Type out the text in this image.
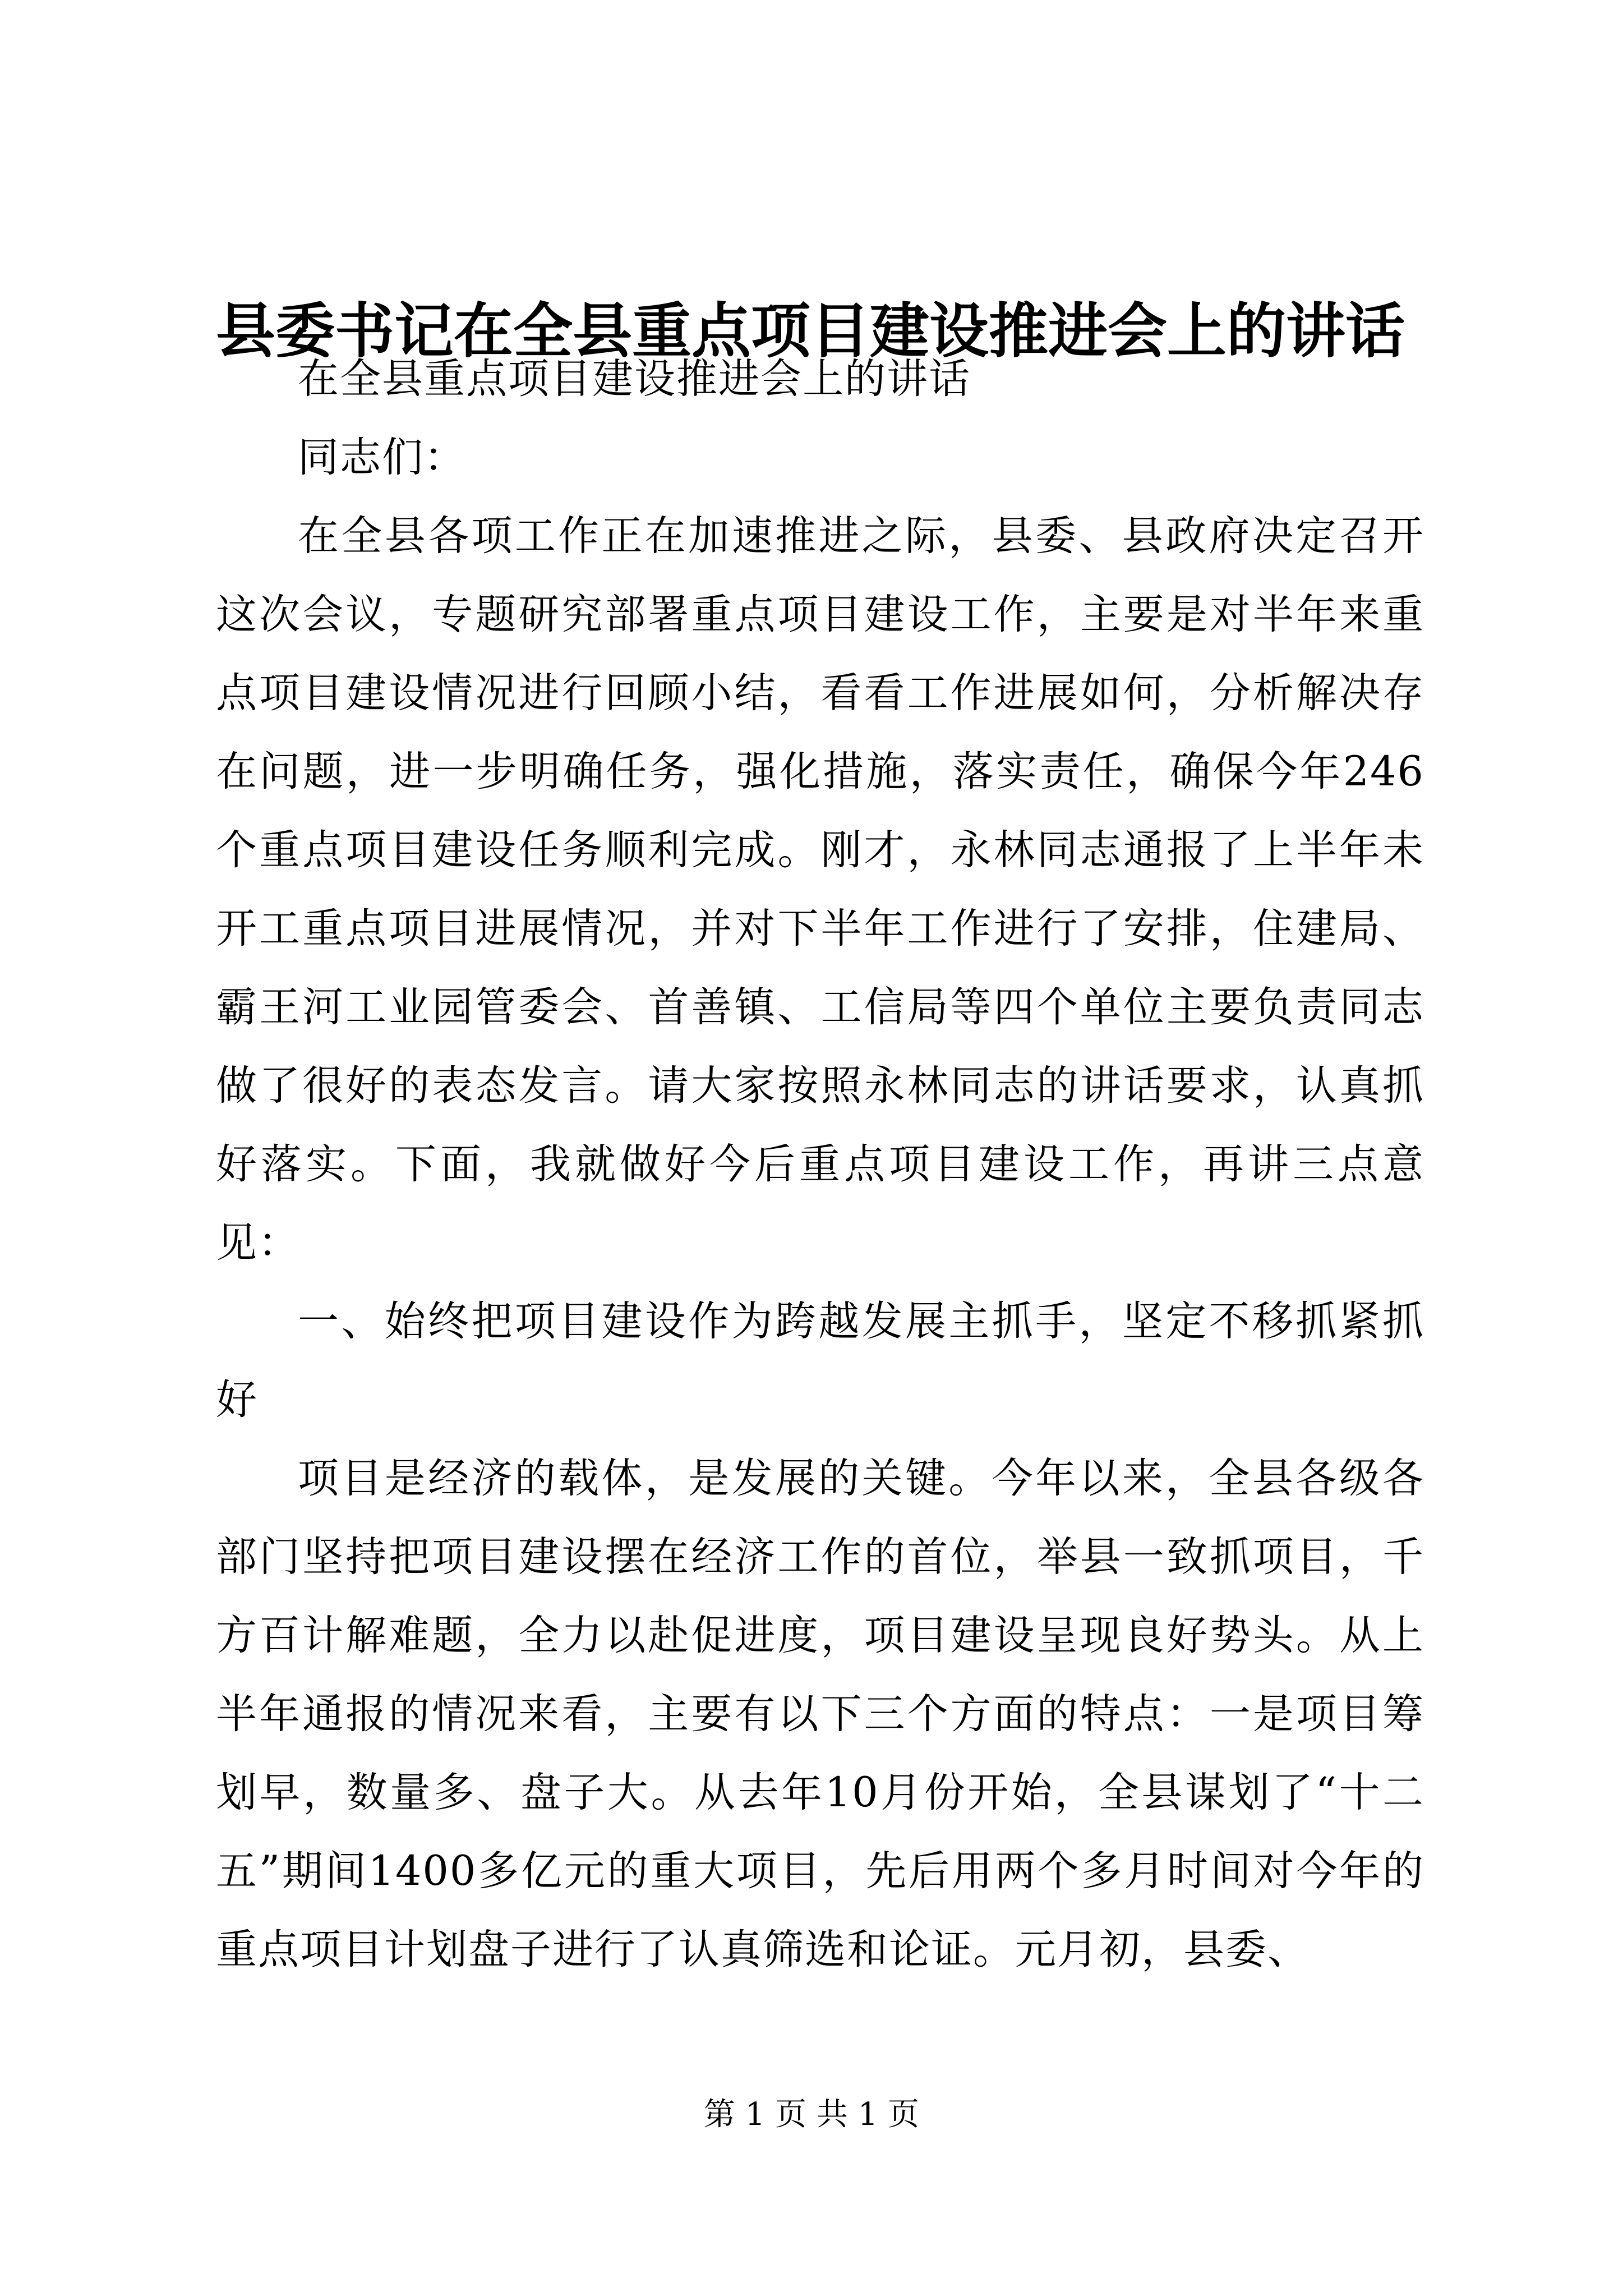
县委书记在全县重点项目建设推进会上的讲话

在全县重点项目建设推进会上的讲话

同志们：

在全县各项工作正在加速推进之际，县委、县政府决定召开这次会议，专题研究部署重点项目建设工作，主要是对半年来重点项目建设情况进行回顾小结，看看工作进展如何，分析解决存在问题，进一步明确任务，强化措施，落实责任，确保今年246个重点项目建设任务顺利完成。刚才，永林同志通报了上半年未开工重点项目进展情况，并对下半年工作进行了安排，住建局、霸王河工业园管委会、首善镇、工信局等四个单位主要负责同志做了很好的表态发言。请大家按照永林同志的讲话要求，认真抓好落实。下面，我就做好今后重点项目建设工作，再讲三点意见：

一、始终把项目建设作为跨越发展主抓手，坚定不移抓紧抓好

项目是经济的载体，是发展的关键。今年以来，全县各级各部门坚持把项目建设摆在经济工作的首位，举县一致抓项目，千方百计解难题，全力以赴促进度，项目建设呈现良好势头。从上半年通报的情况来看，主要有以下三个方面的特点：一是项目筹划早，数量多、盘子大。从去年10月份开始，全县谋划了“十二五”期间1400多亿元的重大项目，先后用两个多月时间对今年的重点项目计划盘子进行了认真筛选和论证。元月初，县委、

第 1 页 共 1 页
